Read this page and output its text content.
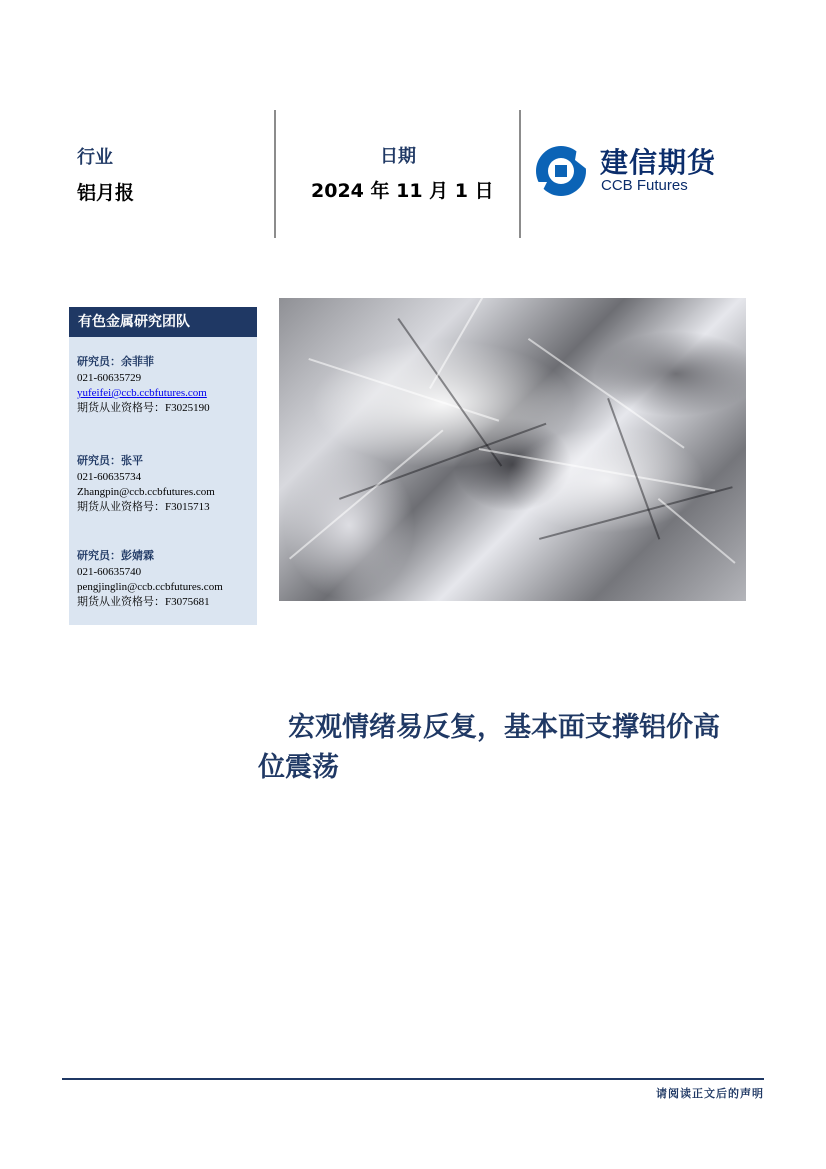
行业
铝月报
日期
2024 年 11 月 1 日
建信期货
CCB Futures
有色金属研究团队
研究员：余菲菲
021-60635729
yufeifei@ccb.ccbfutures.com
期货从业资格号：F3025190
研究员：张平
021-60635734
Zhangpin@ccb.ccbfutures.com
期货从业资格号：F3015713
研究员：彭婧霖
021-60635740
pengjinglin@ccb.ccbfutures.com
期货从业资格号：F3075681
宏观情绪易反复，基本面支撑铝价高
位震荡
请阅读正文后的声明
